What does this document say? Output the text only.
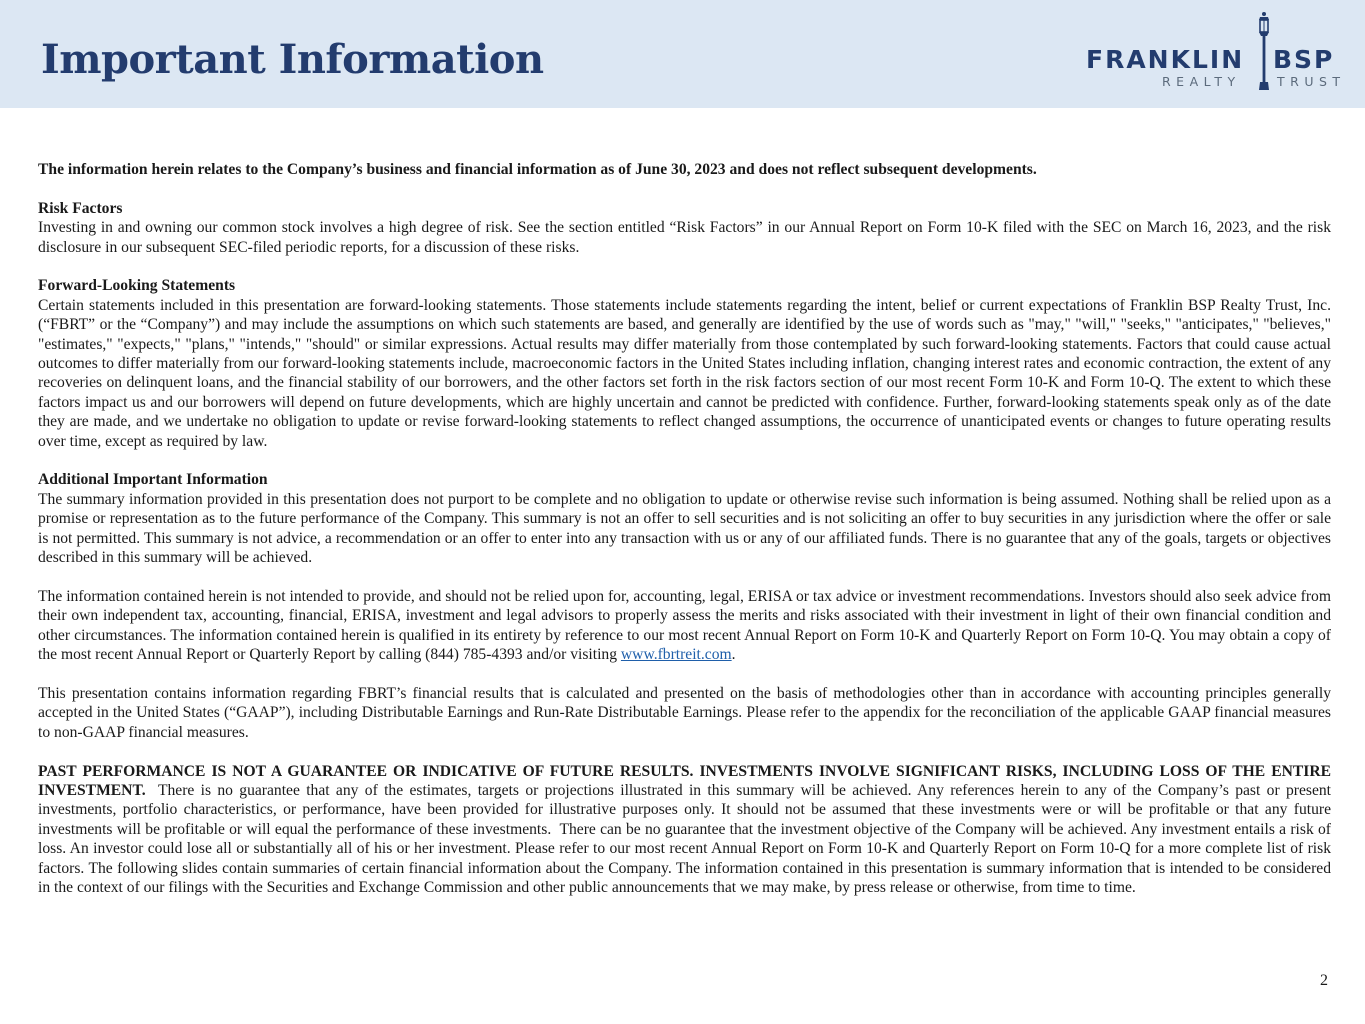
Important Information	FRANKLIN BSP
REALTY	TRUST

The information herein relates to the Company’s business and financial information as of June 30, 2023 and does not reflect subsequent developments.

Risk Factors

Investing in and owning our common stock involves a high degree of risk. See the section entitled “Risk Factors” in our Annual Report on Form 10-K filed with the SEC on March 16, 2023, and the risk disclosure in our subsequent SEC-filed periodic reports, for a discussion of these risks.

Forward-Looking Statements

Certain statements included in this presentation are forward-looking statements. Those statements include statements regarding the intent, belief or current expectations of Franklin BSP Realty Trust, Inc. (“FBRT” or the “Company”) and may include the assumptions on which such statements are based, and generally are identified by the use of words such as "may," "will," "seeks," "anticipates," "believes," "estimates," "expects," "plans," "intends," "should" or similar expressions. Actual results may differ materially from those contemplated by such forward-looking statements. Factors that could cause actual outcomes to differ materially from our forward-looking statements include, macroeconomic factors in the United States including inflation, changing interest rates and economic contraction, the extent of any recoveries on delinquent loans, and the financial stability of our borrowers, and the other factors set forth in the risk factors section of our most recent Form 10-K and Form 10-Q. The extent to which these factors impact us and our borrowers will depend on future developments, which are highly uncertain and cannot be predicted with confidence. Further, forward-looking statements speak only as of the date they are made, and we undertake no obligation to update or revise forward-looking statements to reflect changed assumptions, the occurrence of unanticipated events or changes to future operating results over time, except as required by law.

Additional Important Information

The summary information provided in this presentation does not purport to be complete and no obligation to update or otherwise revise such information is being assumed. Nothing shall be relied upon as a promise or representation as to the future performance of the Company. This summary is not an offer to sell securities and is not soliciting an offer to buy securities in any jurisdiction where the offer or sale is not permitted. This summary is not advice, a recommendation or an offer to enter into any transaction with us or any of our affiliated funds. There is no guarantee that any of the goals, targets or objectives described in this summary will be achieved.

The information contained herein is not intended to provide, and should not be relied upon for, accounting, legal, ERISA or tax advice or investment recommendations. Investors should also seek advice from their own independent tax, accounting, financial, ERISA, investment and legal advisors to properly assess the merits and risks associated with their investment in light of their own financial condition and other circumstances. The information contained herein is qualified in its entirety by reference to our most recent Annual Report on Form 10-K and Quarterly Report on Form 10-Q. You may obtain a copy of the most recent Annual Report or Quarterly Report by calling (844) 785-4393 and/or visiting www.fbrtreit.com.

This presentation contains information regarding FBRT’s financial results that is calculated and presented on the basis of methodologies other than in accordance with accounting principles generally accepted in the United States (“GAAP”), including Distributable Earnings and Run-Rate Distributable Earnings. Please refer to the appendix for the reconciliation of the applicable GAAP financial measures to non-GAAP financial measures.

PAST PERFORMANCE IS NOT A GUARANTEE OR INDICATIVE OF FUTURE RESULTS. INVESTMENTS INVOLVE SIGNIFICANT RISKS, INCLUDING LOSS OF THE ENTIRE INVESTMENT.  There is no guarantee that any of the estimates, targets or projections illustrated in this summary will be achieved. Any references herein to any of the Company’s past or present investments, portfolio characteristics, or performance, have been provided for illustrative purposes only. It should not be assumed that these investments were or will be profitable or that any future investments will be profitable or will equal the performance of these investments.  There can be no guarantee that the investment objective of the Company will be achieved. Any investment entails a risk of loss. An investor could lose all or substantially all of his or her investment. Please refer to our most recent Annual Report on Form 10-K and Quarterly Report on Form 10-Q for a more complete list of risk factors. The following slides contain summaries of certain financial information about the Company. The information contained in this presentation is summary information that is intended to be considered in the context of our filings with the Securities and Exchange Commission and other public announcements that we may make, by press release or otherwise, from time to time.

2
